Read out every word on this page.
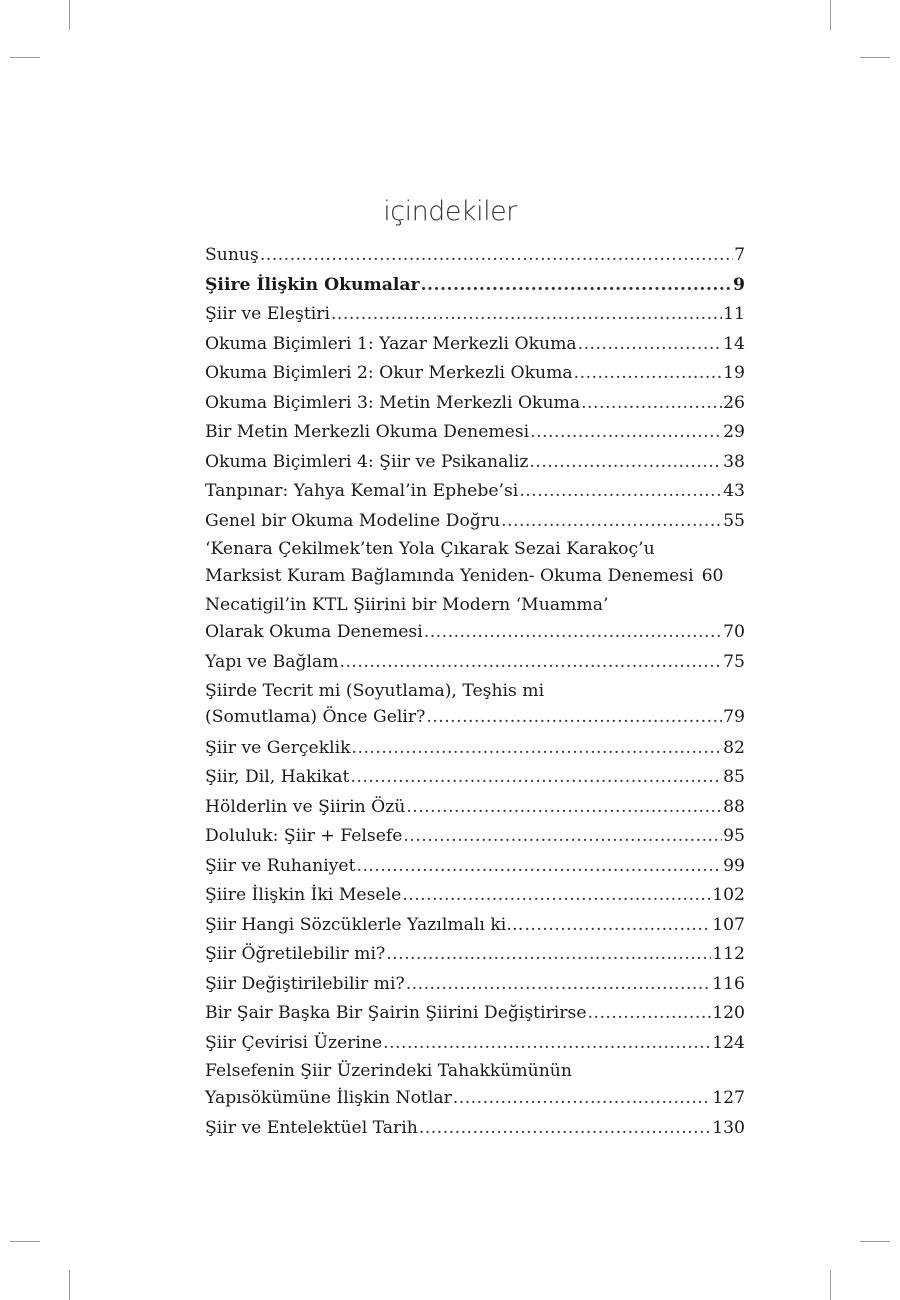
içindekiler
Sunuş .....	7
Şiire İlişkin Okumalar .....	9
Şiir ve Eleştiri .....	11
Okuma Biçimleri 1: Yazar Merkezli Okuma .....	14
Okuma Biçimleri 2: Okur Merkezli Okuma .....	19
Okuma Biçimleri 3: Metin Merkezli Okuma .....	26
Bir Metin Merkezli Okuma Denemesi .....	29
Okuma Biçimleri 4: Şiir ve Psikanaliz .....	38
Tanpınar: Yahya Kemal’in Ephebe’si .....	43
Genel bir Okuma Modeline Doğru .....	55
‘Kenara Çekilmek’ten Yola Çıkarak Sezai Karakoç’u
Marksist Kuram Bağlamında Yeniden- Okuma Denemesi 60
Necatigil’in KTL Şiirini bir Modern ‘Muamma’
Olarak Okuma Denemesi .....	70
Yapı ve Bağlam .....	75
Şiirde Tecrit mi (Soyutlama), Teşhis mi
(Somutlama) Önce Gelir? .....	79
Şiir ve Gerçeklik .....	82
Şiir, Dil, Hakikat .....	85
Hölderlin ve Şiirin Özü .....	88
Doluluk: Şiir + Felsefe .....	95
Şiir ve Ruhaniyet .....	99
Şiire İlişkin İki Mesele .....	102
Şiir Hangi Sözcüklerle Yazılmalı ki… .....	107
Şiir Öğretilebilir mi? .....	112
Şiir Değiştirilebilir mi? .....	116
Bir Şair Başka Bir Şairin Şiirini Değiştirirse .....	120
Şiir Çevirisi Üzerine .....	124
Felsefenin Şiir Üzerindeki Tahakkümünün
Yapısökümüne İlişkin Notlar .....	127
Şiir ve Entelektüel Tarih .....	130
